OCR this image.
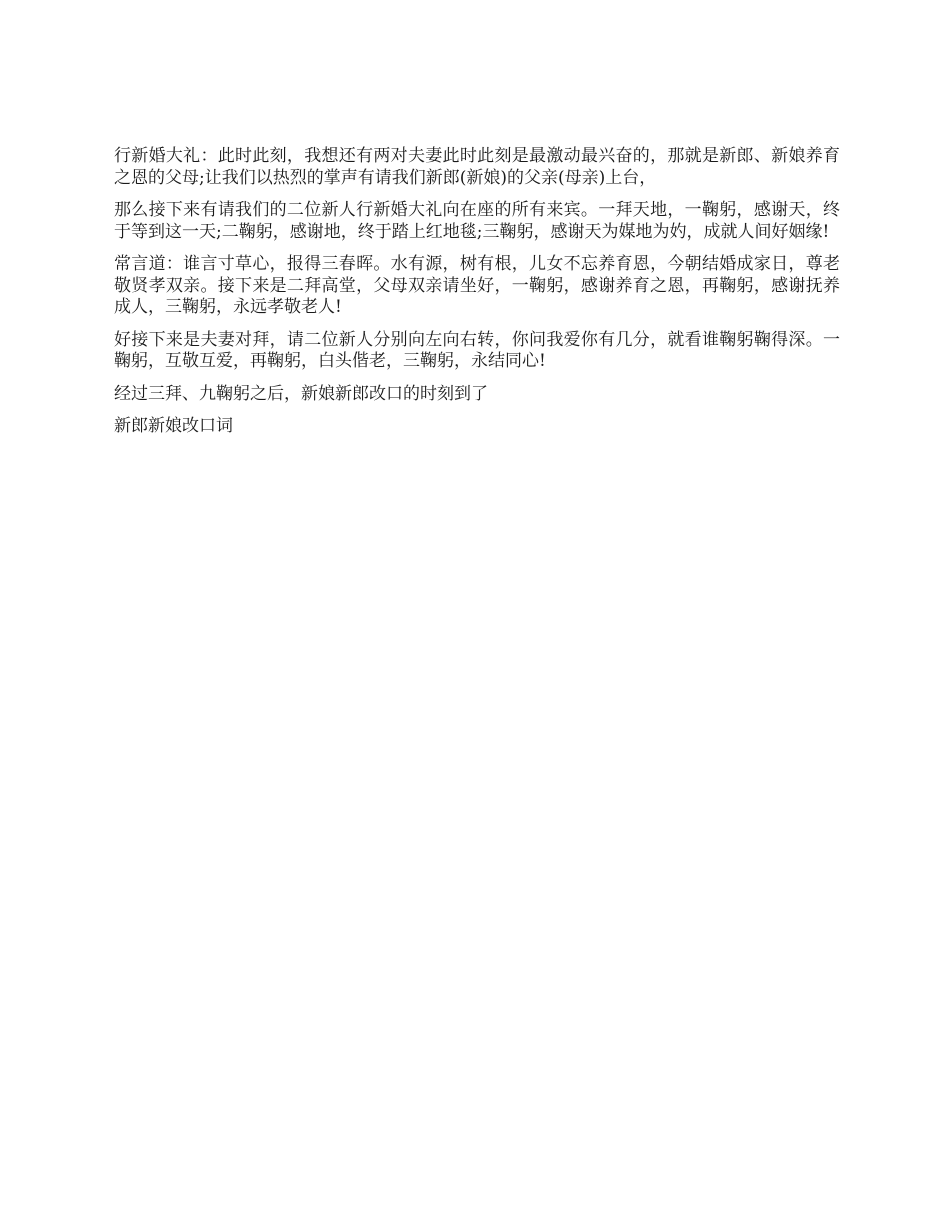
行新婚大礼：此时此刻，我想还有两对夫妻此时此刻是最激动最兴奋的，那就是新郎、新娘养育之恩的父母;让我们以热烈的掌声有请我们新郎(新娘)的父亲(母亲)上台，

那么接下来有请我们的二位新人行新婚大礼向在座的所有来宾。一拜天地，一鞠躬，感谢天，终于等到这一天;二鞠躬，感谢地，终于踏上红地毯;三鞠躬，感谢天为媒地为妁，成就人间好姻缘!

常言道：谁言寸草心，报得三春晖。水有源，树有根，儿女不忘养育恩，今朝结婚成家日，尊老敬贤孝双亲。接下来是二拜高堂，父母双亲请坐好，一鞠躬，感谢养育之恩，再鞠躬，感谢抚养成人，三鞠躬，永远孝敬老人!

好接下来是夫妻对拜，请二位新人分别向左向右转，你问我爱你有几分，就看谁鞠躬鞠得深。一鞠躬，互敬互爱，再鞠躬，白头偕老，三鞠躬，永结同心!

经过三拜、九鞠躬之后，新娘新郎改口的时刻到了

新郎新娘改口词
